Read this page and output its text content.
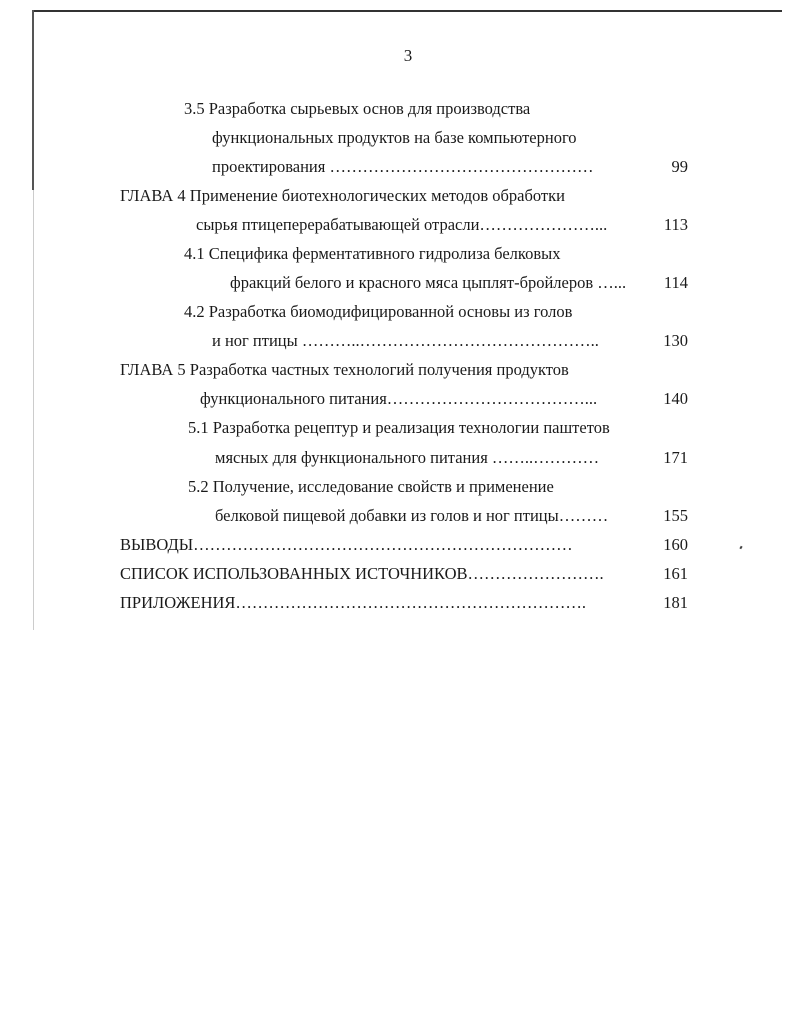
3
3.5 Разработка сырьевых основ для производства
функциональных продуктов на базе компьютерного
проектирования …………………………………………	99
ГЛАВА 4 Применение биотехнологических методов обработки
сырья птицеперерабатывающей отрасли…………………...	113
4.1 Специфика ферментативного гидролиза белковых
фракций белого и красного мяса цыплят-бройлеров …... 114
4.2 Разработка биомодифицированной основы из голов
и ног птицы ………..……………………………………..	130
ГЛАВА 5 Разработка частных технологий получения продуктов
функционального питания………………………………...	140
5.1 Разработка рецептур и реализация технологии паштетов
мясных для функционального питания ……..…………	171
5.2 Получение, исследование свойств и применение
белковой пищевой добавки из голов и ног птицы………	155
ВЫВОДЫ……………………………………………………………	160
СПИСОК ИСПОЛЬЗОВАННЫХ ИСТОЧНИКОВ…………………….	161
ПРИЛОЖЕНИЯ……………………………………………………….	181
